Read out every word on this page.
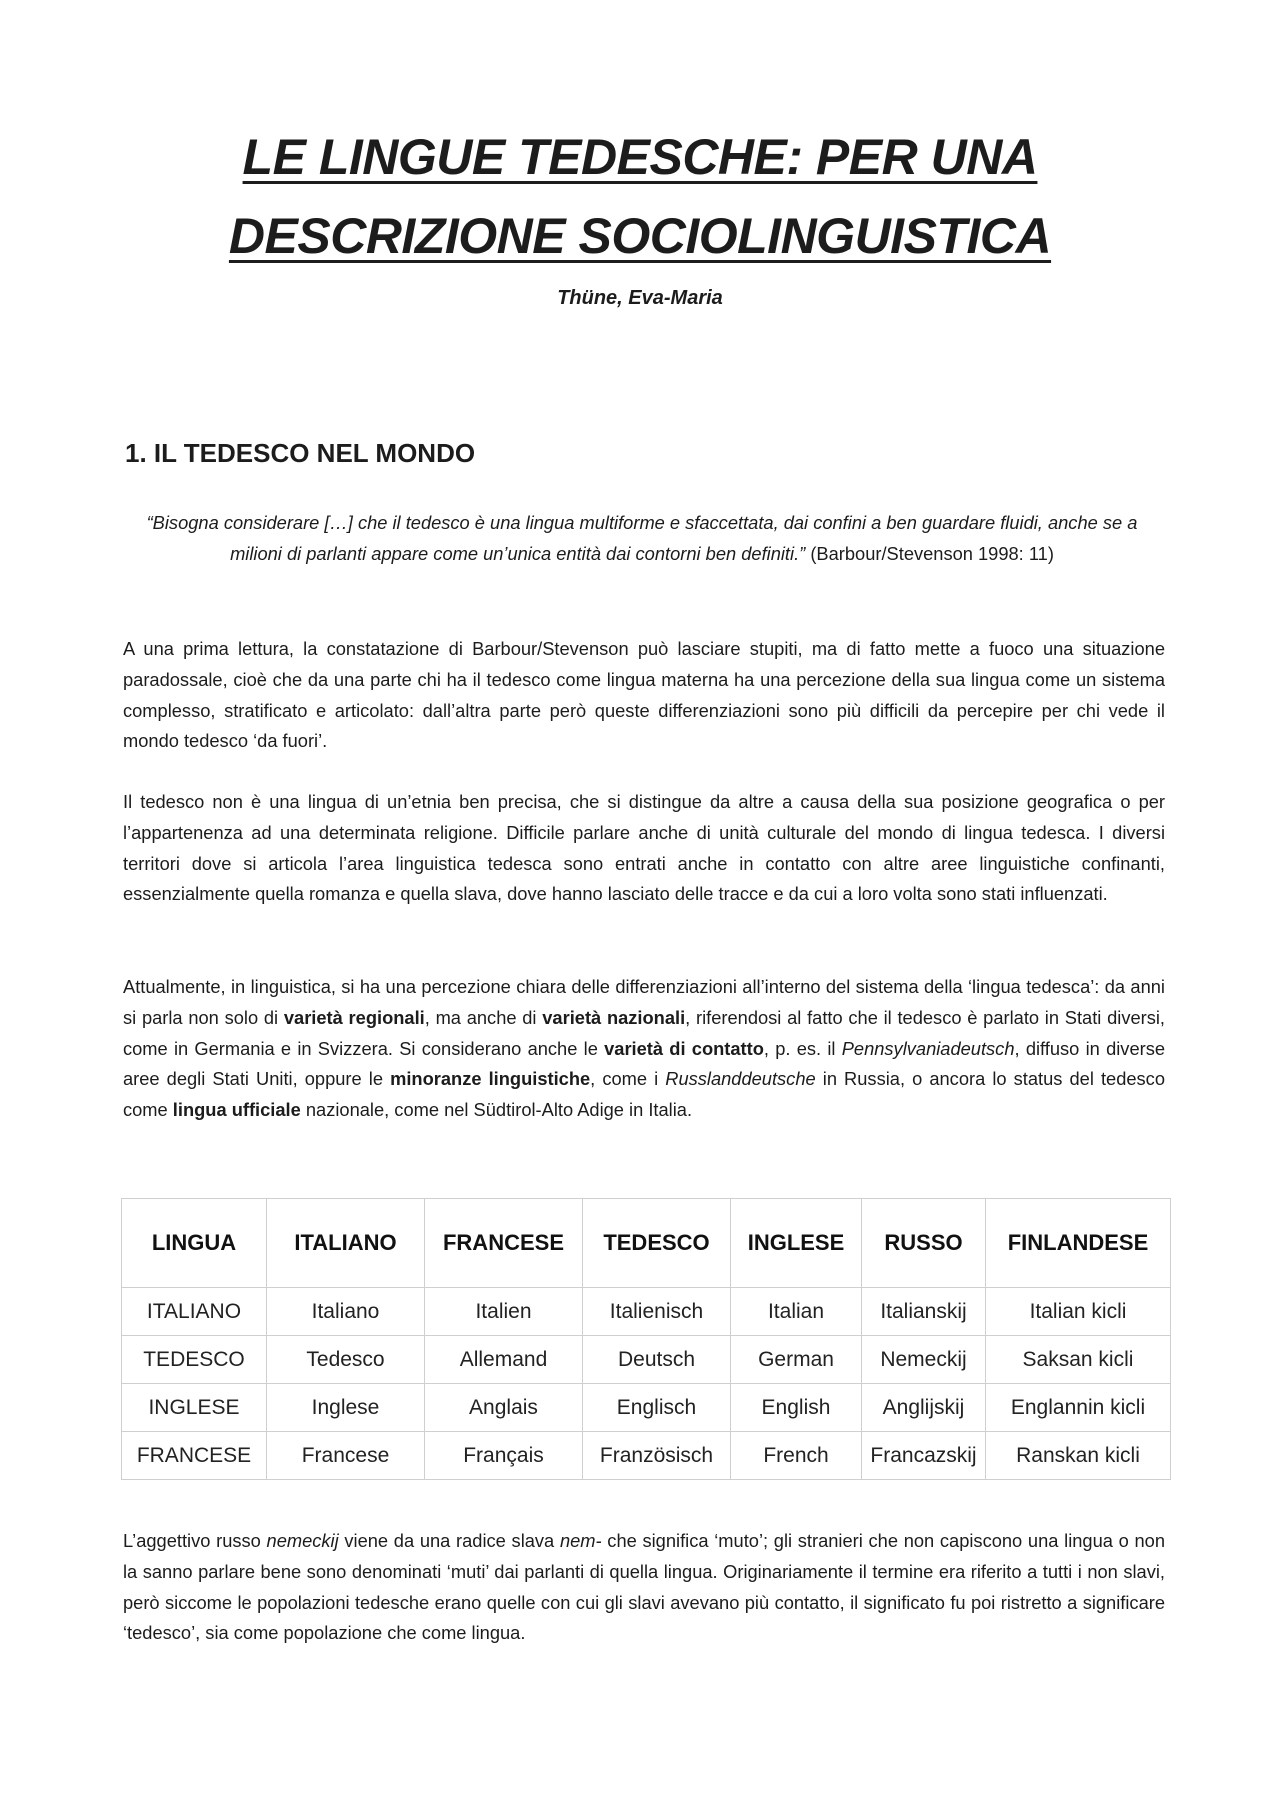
LE LINGUE TEDESCHE: PER UNA
DESCRIZIONE SOCIOLINGUISTICA
Thüne, Eva-Maria
1. IL TEDESCO NEL MONDO
“Bisogna considerare […] che il tedesco è una lingua multiforme e sfaccettata, dai confini a ben guardare fluidi, anche se a milioni di parlanti appare come un’unica entità dai contorni ben definiti.” (Barbour/Stevenson 1998: 11)
A una prima lettura, la constatazione di Barbour/Stevenson può lasciare stupiti, ma di fatto mette a fuoco una situazione paradossale, cioè che da una parte chi ha il tedesco come lingua materna ha una percezione della sua lingua come un sistema complesso, stratificato e articolato: dall’altra parte però queste differenziazioni sono più difficili da percepire per chi vede il mondo tedesco ‘da fuori’.
Il tedesco non è una lingua di un’etnia ben precisa, che si distingue da altre a causa della sua posizione geografica o per l’appartenenza ad una determinata religione. Difficile parlare anche di unità culturale del mondo di lingua tedesca. I diversi territori dove si articola l’area linguistica tedesca sono entrati anche in contatto con altre aree linguistiche confinanti, essenzialmente quella romanza e quella slava, dove hanno lasciato delle tracce e da cui a loro volta sono stati influenzati.
Attualmente, in linguistica, si ha una percezione chiara delle differenziazioni all’interno del sistema della ‘lingua tedesca’: da anni si parla non solo di varietà regionali, ma anche di varietà nazionali, riferendosi al fatto che il tedesco è parlato in Stati diversi, come in Germania e in Svizzera. Si considerano anche le varietà di contatto, p. es. il Pennsylvaniadeutsch, diffuso in diverse aree degli Stati Uniti, oppure le minoranze linguistiche, come i Russlanddeutsche in Russia, o ancora lo status del tedesco come lingua ufficiale nazionale, come nel Südtirol-Alto Adige in Italia.
LINGUA	ITALIANO	FRANCESE	TEDESCO	INGLESE	RUSSO	FINLANDESE
ITALIANO	Italiano	Italien	Italienisch	Italian	Italianskij	Italian kicli
TEDESCO	Tedesco	Allemand	Deutsch	German	Nemeckij	Saksan kicli
INGLESE	Inglese	Anglais	Englisch	English	Anglijskij	Englannin kicli
FRANCESE	Francese	Français	Französisch	French	Francazskij	Ranskan kicli
L’aggettivo russo nemeckij viene da una radice slava nem- che significa ‘muto’; gli stranieri che non capiscono una lingua o non la sanno parlare bene sono denominati ‘muti’ dai parlanti di quella lingua. Originariamente il termine era riferito a tutti i non slavi, però siccome le popolazioni tedesche erano quelle con cui gli slavi avevano più contatto, il significato fu poi ristretto a significare ‘tedesco’, sia come popolazione che come lingua.
